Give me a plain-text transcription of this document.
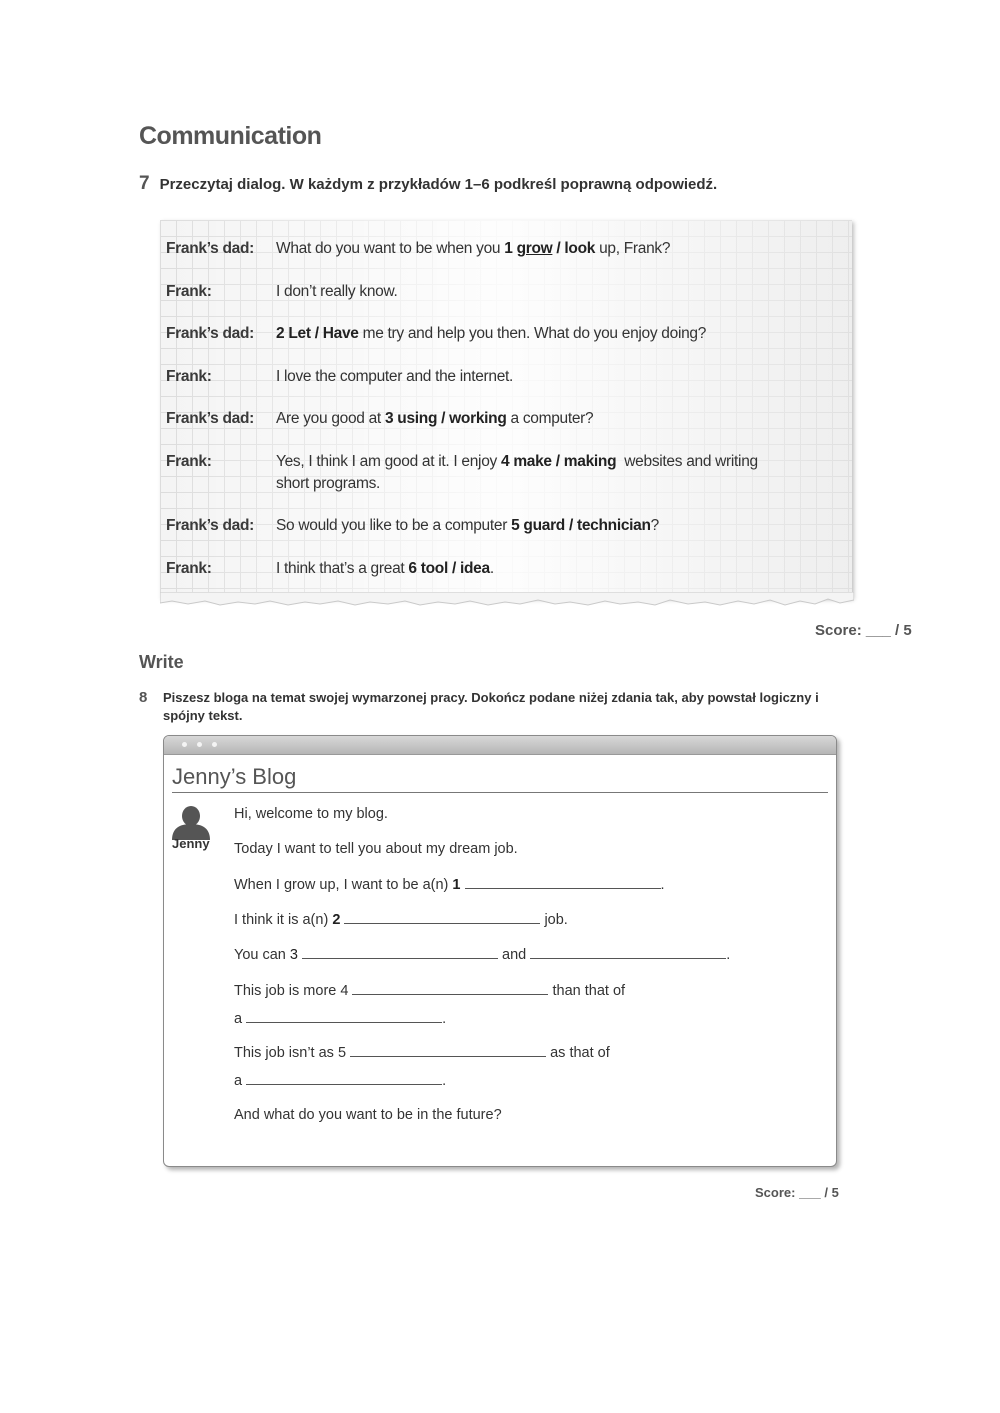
Communication
7 Przeczytaj dialog. W każdym z przykładów 1–6 podkreśl poprawną odpowiedź.
Frank’s dad:	What do you want to be when you 1 grow / look up, Frank?
Frank:	I don’t really know.
Frank’s dad:	2 Let / Have me try and help you then. What do you enjoy doing?
Frank:	I love the computer and the internet.
Frank’s dad:	Are you good at 3 using / working a computer?
Frank:	Yes, I think I am good at it. I enjoy 4 make / making  websites and writing
short programs.
Frank’s dad:	So would you like to be a computer 5 guard / technician?
Frank:	I think that’s a great 6 tool / idea.
Score: ___ / 5
Write
8 Piszesz bloga na temat swojej wymarzonej pracy. Dokończ podane niżej zdania tak, aby powstał logiczny i spójny tekst.
Jenny’s Blog
Jenny
Hi, welcome to my blog.
Today I want to tell you about my dream job.
When I grow up, I want to be a(n) 1	.
I think it is a(n) 2	job.
You can 3	and	.
This job is more 4	than that of
a	.
This job isn’t as 5	as that of
a	.
And what do you want to be in the future?
Score: ___ / 5
